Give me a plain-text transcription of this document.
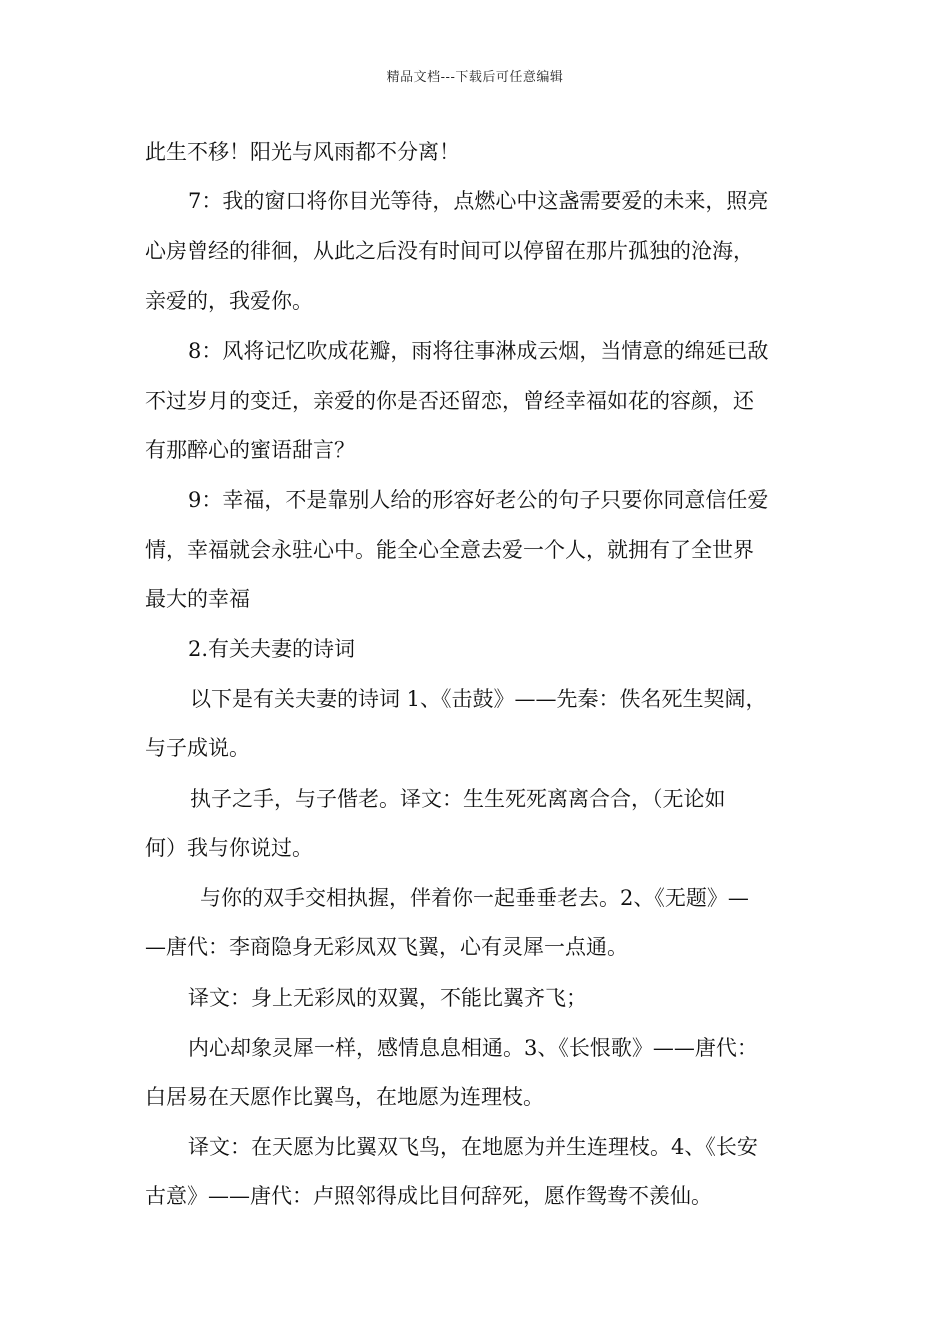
精品文档---下载后可任意编辑
此生不移！阳光与风雨都不分离！
7：我的窗口将你目光等待，点燃心中这盏需要爱的未来，照亮
心房曾经的徘徊，从此之后没有时间可以停留在那片孤独的沧海，
亲爱的，我爱你。
8：风将记忆吹成花瓣，雨将往事淋成云烟，当情意的绵延已敌
不过岁月的变迁，亲爱的你是否还留恋，曾经幸福如花的容颜，还
有那醉心的蜜语甜言？
9：幸福，不是靠别人给的形容好老公的句子只要你同意信任爱
情，幸福就会永驻心中。能全心全意去爱一个人，就拥有了全世界
最大的幸福
2.有关夫妻的诗词
以下是有关夫妻的诗词 1、《击鼓》——先秦：佚名死生契阔，
与子成说。
执子之手，与子偕老。译文：生生死死离离合合，（无论如
何）我与你说过。
与你的双手交相执握，伴着你一起垂垂老去。2、《无题》—
—唐代：李商隐身无彩凤双飞翼，心有灵犀一点通。
译文：身上无彩凤的双翼，不能比翼齐飞；
内心却象灵犀一样，感情息息相通。3、《长恨歌》——唐代：
白居易在天愿作比翼鸟，在地愿为连理枝。
译文：在天愿为比翼双飞鸟，在地愿为并生连理枝。4、《长安
古意》——唐代：卢照邻得成比目何辞死，愿作鸳鸯不羡仙。
